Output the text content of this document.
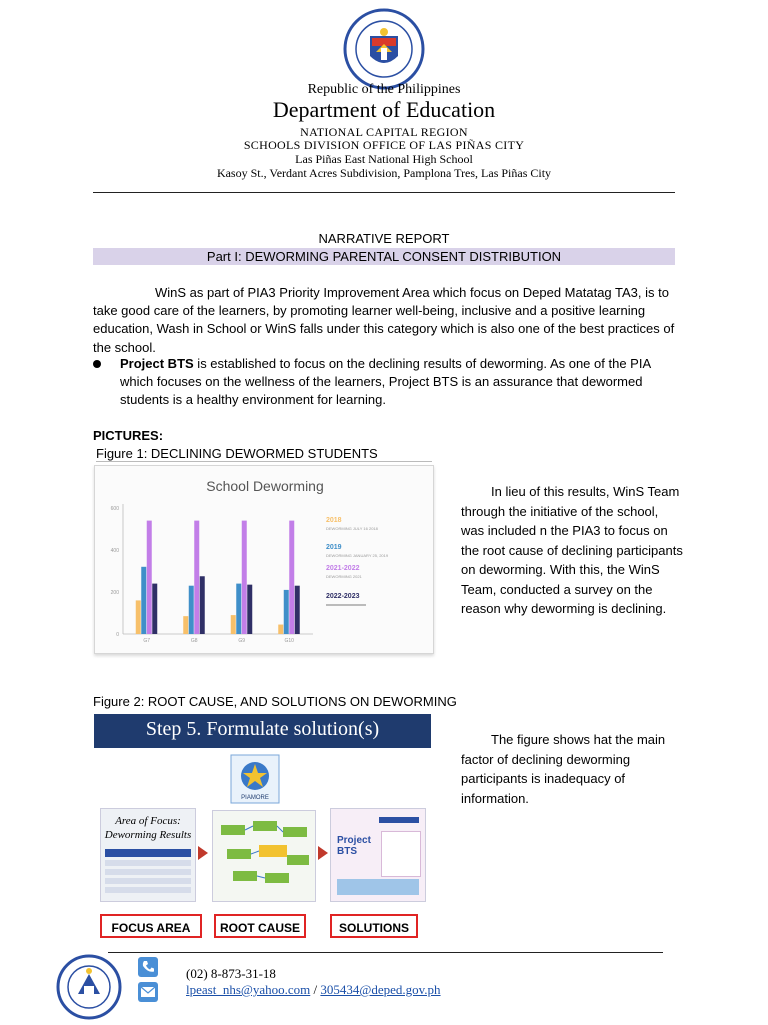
Republic of the Philippines
Department of Education
NATIONAL CAPITAL REGION
SCHOOLS DIVISION OFFICE OF LAS PIÑAS CITY
Las Piñas East National High School
Kasoy St., Verdant Acres Subdivision, Pamplona Tres, Las Piñas City
NARRATIVE REPORT
Part I: DEWORMING PARENTAL CONSENT DISTRIBUTION
WinS as part of PIA3 Priority Improvement Area which focus on Deped Matatag TA3, is to take good care of the learners, by promoting learner well-being, inclusive and a positive learning education, Wash in School or WinS falls under this category which is also one of the best practices of the school.
Project BTS is established to focus on the declining results of deworming. As one of the PIA which focuses on the wellness of the learners, Project BTS is an assurance that dewormed students is a healthy environment for learning.
PICTURES:
Figure 1: DECLINING DEWORMED STUDENTS
School Deworming
0
200
400
600
G7	G8	G9	G10
2018
DEWORMING JULY 16 2018
2019
DEWORMING JANUARY 25, 2019
2021-2022
DEWORMING 2021
2022-2023
In lieu of this results, WinS Team through the initiative of the school, was included n the PIA3 to focus on the root cause of declining participants on deworming. With this, the WinS Team, conducted a survey on the reason why deworming is declining.
Figure 2: ROOT CAUSE, AND SOLUTIONS ON DEWORMING
Step 5. Formulate solution(s)
PIAMORE
Area of Focus:
Deworming Results	Project BTS
FOCUS AREA	ROOT CAUSE	SOLUTIONS
The figure shows hat the main factor of declining deworming participants is inadequacy of information.
(02) 8-873-31-18
lpeast_nhs@yahoo.com / 305434@deped.gov.ph
